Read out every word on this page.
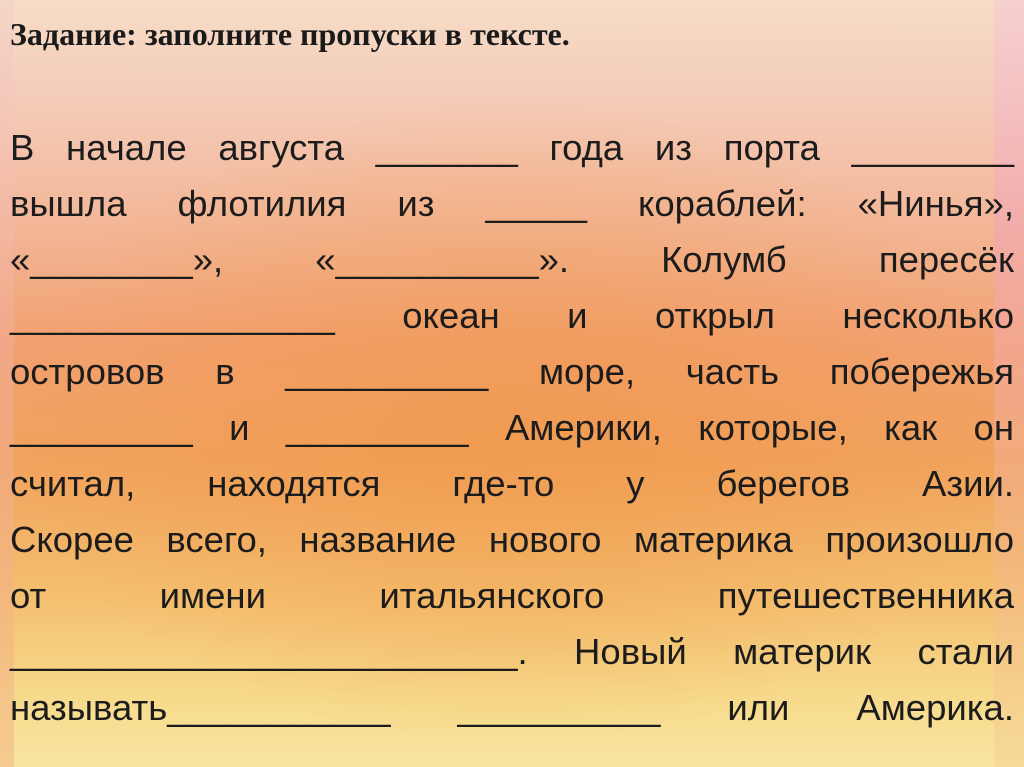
Задание: заполните пропуски в тексте.
В начале августа _______ года из порта ________
вышла флотилия из _____ кораблей: «Нинья»,
«________», «__________». Колумб пересёк
________________ океан и открыл несколько
островов в __________ море, часть побережья
_________ и _________ Америки, которые, как он
считал, находятся где-то у берегов Азии.
Скорее всего, название нового материка произошло
от имени итальянского путешественника
_________________________. Новый материк стали
называть___________ __________ или Америка.
